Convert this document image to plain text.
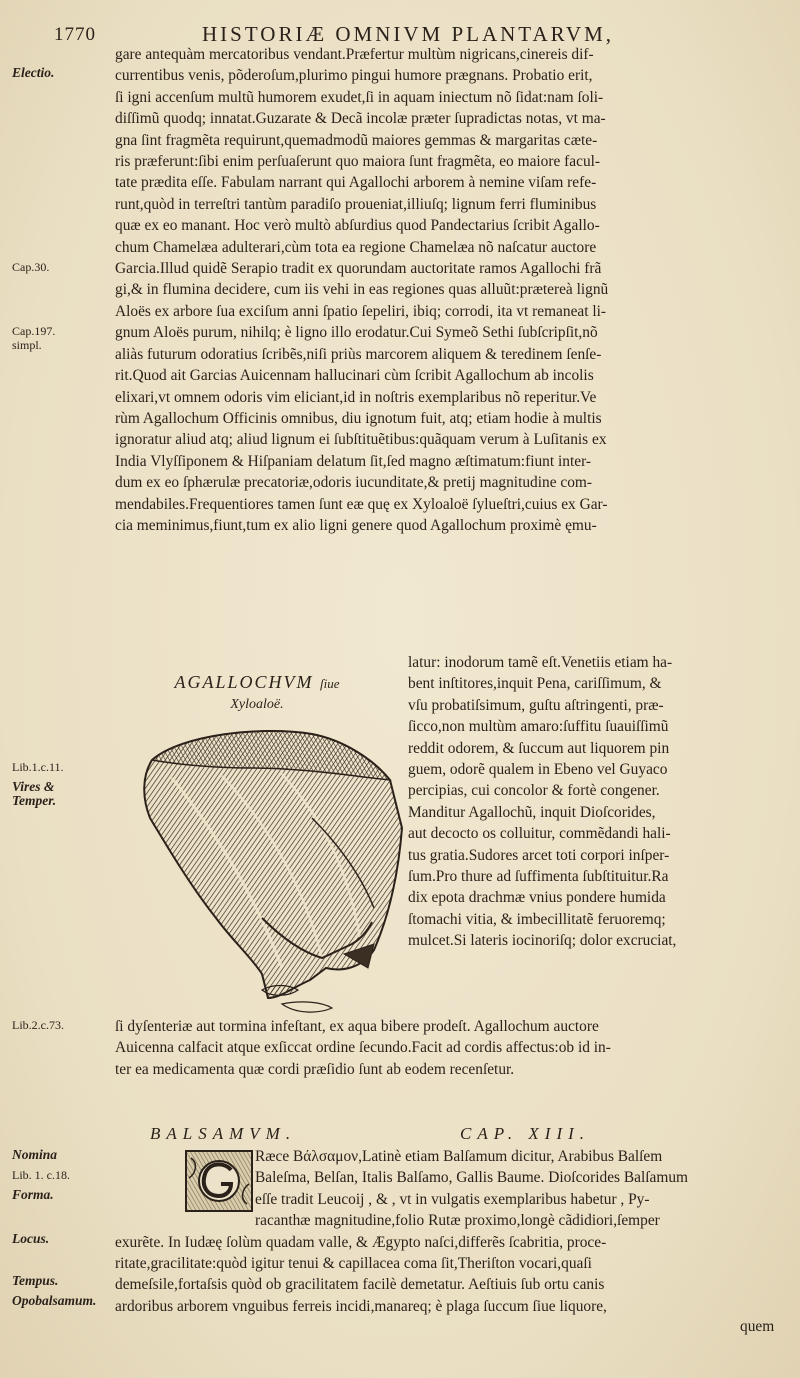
1770	HISTORIÆ OMNIVM PLANTARVM,
Electio.
Cap.30.
Cap.197. simpl.
Lib.1.c.11.
Vires & Temper.
Lib.2.c.73.
Nomina
Lib. 1. c.18.
Forma.
Locus.
Tempus.
Opobalsamum.
gare antequàm mercatoribus vendant.Præfertur multùm nigricans,cinereis dif-
currentibus venis, põderoſum,plurimo pingui humore prægnans. Probatio erit,
ſi igni accenſum multũ humorem exudet,ſi in aquam iniectum nõ ſidat:nam ſoli-
diſſimũ quodq; innatat.Guzarate & Decã incolæ præter ſupradictas notas, vt ma-
gna ſint fragmẽta requirunt,quemadmodũ maiores gemmas & margaritas cæte-
ris præferunt:ſibi enim perſuaſerunt quo maiora ſunt fragmẽta, eo maiore facul-
tate prædita eſſe. Fabulam narrant qui Agallochi arborem à nemine viſam refe-
runt,quòd in terreſtri tantùm paradiſo proueniat,illiuſq; lignum ferri fluminibus
quæ ex eo manant. Hoc verò multò abſurdius quod Pandectarius ſcribit Agallo-
chum Chamelæa adulterari,cùm tota ea regione Chamelæa nõ naſcatur auctore
Garcia.Illud quidẽ Serapio tradit ex quorundam auctoritate ramos Agallochi frã
gi,& in flumina decidere, cum iis vehi in eas regiones quas alluũt:prætereà lignũ
Aloës ex arbore ſua exciſum anni ſpatio ſepeliri, ibiq; corrodi, ita vt remaneat li-
gnum Aloës purum, nihilq; è ligno illo erodatur.Cui Symeõ Sethi ſubſcripſit,nõ
aliàs futurum odoratius ſcribẽs,niſi priùs marcorem aliquem & teredinem ſenſe-
rit.Quod ait Garcias Auicennam hallucinari cùm ſcribit Agallochum ab incolis
elixari,vt omnem odoris vim eliciant,id in noſtris exemplaribus nõ reperitur.Ve
rùm Agallochum Officinis omnibus, diu ignotum fuit, atq; etiam hodie à multis
ignoratur aliud atq; aliud lignum ei ſubſtituẽtibus:quãquam verum à Luſitanis ex
India Vlyſſiponem & Hiſpaniam delatum ſit,ſed magno æſtimatum:fiunt inter-
dum ex eo ſphærulæ precatoriæ,odoris iucunditate,& pretij magnitudine com-
mendabiles.Frequentiores tamen ſunt eæ quę ex Xyloaloë ſylueſtri,cuius ex Gar-
cia meminimus,fiunt,tum ex alio ligni genere quod Agallochum proximè ęmu-
AGALLOCHVM ſiue
Xyloaloë.
latur: inodorum tamẽ eſt.Venetiis etiam ha-
bent inſtitores,inquit Pena, cariſſimum, &
vſu probatiſsimum, guſtu aſtringenti, præ-
ſicco,non multùm amaro:ſuffitu ſuauiſſimũ
reddit odorem, & ſuccum aut liquorem pin
guem, odorẽ qualem in Ebeno vel Guyaco
percipias, cui concolor & fortè congener.
Manditur Agallochũ, inquit Dioſcorides,
aut decocto os colluitur, commẽdandi hali-
tus gratia.Sudores arcet toti corpori inſper-
ſum.Pro thure ad ſuffimenta ſubſtituitur.Ra
dix epota drachmæ vnius pondere humida
ſtomachi vitia, & imbecillitatẽ feruoremq;
mulcet.Si lateris iocinoriſq; dolor excruciat,
ſi dyſenteriæ aut tormina infeſtant, ex aqua bibere prodeſt. Agallochum auctore
Auicenna calfacit atque exſiccat ordine ſecundo.Facit ad cordis affectus:ob id in-
ter ea medicamenta quæ cordi præſidio ſunt ab eodem recenſetur.
BALSAMVM.	CAP. XIII.
Ræce Βάλσαμον,Latinè etiam Balſamum dicitur, Arabibus Balſem
Baleſma, Belſan, Italis Balſamo, Gallis Baume. Dioſcorides Balſamum
eſſe tradit Leucoij , & , vt in vulgatis exemplaribus habetur , Py-
racanthæ magnitudine,folio Rutæ proximo,longè cãdidiori,ſemper
exurẽte. In Iudæę ſolùm quadam valle, & Ægypto naſci,differẽs ſcabritia, proce-
ritate,gracilitate:quòd igitur tenui & capillacea coma ſit,Theriſton vocari,quaſi
demeſsile,fortaſsis quòd ob gracilitatem facilè demetatur. Aeſtiuis ſub ortu canis
ardoribus arborem vnguibus ferreis incidi,manareq; è plaga ſuccum ſiue liquore,
quem
